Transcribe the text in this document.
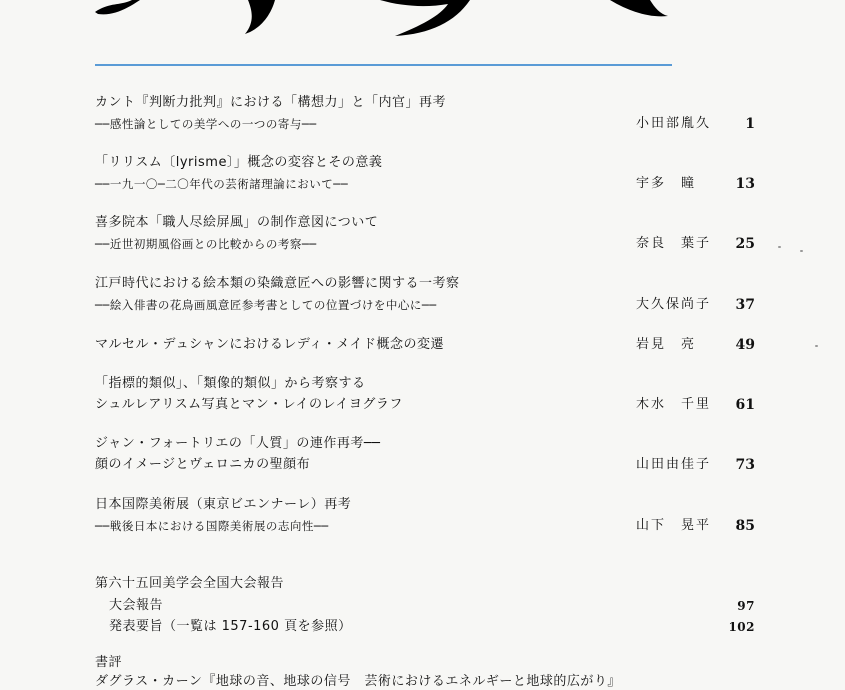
カント『判断力批判』における「構想力」と「内官」再考
──感性論としての美学への一つの寄与──	小田部胤久	1
「リリスム〔lyrisme〕」概念の変容とその意義
──一九一〇─二〇年代の芸術諸理論において──	宇多　瞳	13
喜多院本「職人尽絵屏風」の制作意図について
──近世初期風俗画との比較からの考察──	奈良　葉子	25
江戸時代における絵本類の染織意匠への影響に関する一考察
──絵入俳書の花鳥画風意匠参考書としての位置づけを中心に──	大久保尚子	37
マルセル・デュシャンにおけるレディ・メイド概念の変遷	岩見　亮	49
「指標的類似」、「類像的類似」から考察する
シュルレアリスム写真とマン・レイのレイヨグラフ	木水　千里	61
ジャン・フォートリエの「人質」の連作再考──
顔のイメージとヴェロニカの聖顔布	山田由佳子	73
日本国際美術展（東京ビエンナーレ）再考
──戦後日本における国際美術展の志向性──	山下　晃平	85
第六十五回美学会全国大会報告
大会報告	97
発表要旨（一覧は 157-160 頁を参照）	102
書評
ダグラス・カーン『地球の音、地球の信号　芸術におけるエネルギーと地球的広がり』
